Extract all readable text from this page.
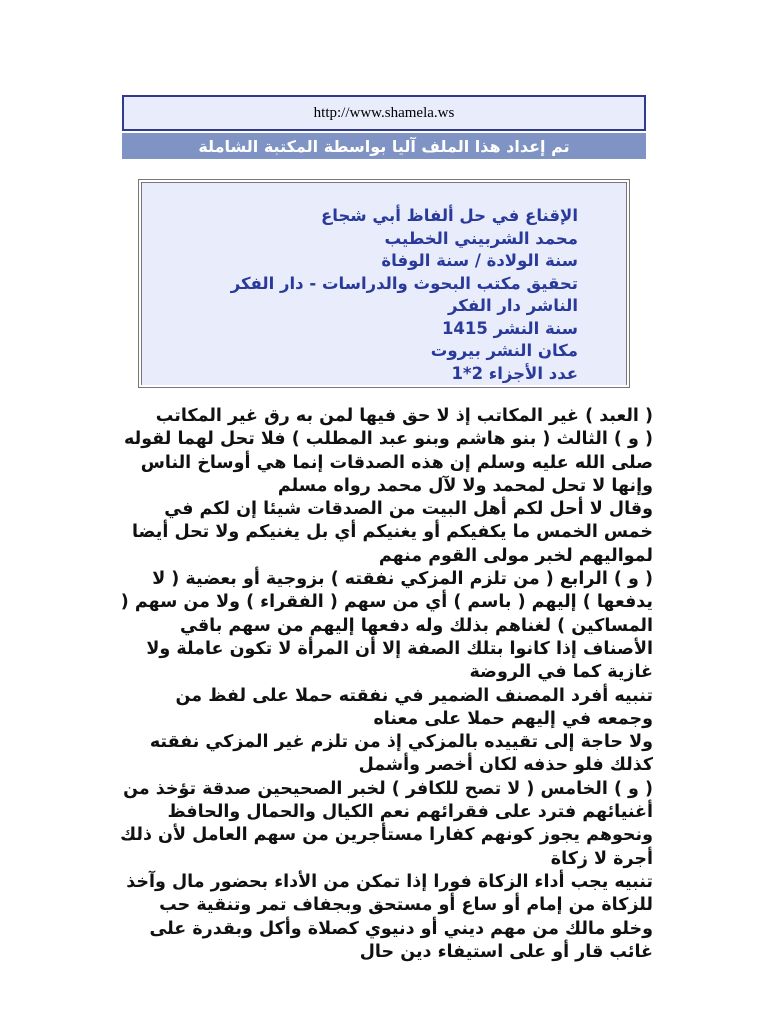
http://www.shamela.ws
تم إعداد هذا الملف آليا بواسطة المكتبة الشاملة
الإقناع في حل ألفاظ أبي شجاع
محمد الشربيني الخطيب
سنة الولادة / سنة الوفاة
تحقيق مكتب البحوث والدراسات - دار الفكر
الناشر دار الفكر
سنة النشر 1415
مكان النشر بيروت
عدد الأجزاء 2*1

( العبد ) غير المكاتب إذ لا حق فيها لمن به رق غير المكاتب

( و ) الثالث ( بنو هاشم وبنو عبد المطلب ) فلا تحل لهما لقوله صلى الله عليه وسلم إن هذه الصدقات إنما هي أوساخ الناس وإنها لا تحل لمحمد ولا لآل محمد رواه مسلم

وقال لا أحل لكم أهل البيت من الصدقات شيئا إن لكم في خمس الخمس ما يكفيكم أو يغنيكم أي بل يغنيكم ولا تحل أيضا لمواليهم لخبر مولى القوم منهم

( و ) الرابع ( من تلزم المزكي نفقته ) بزوجية أو بعضية ( لا يدفعها ) إليهم ( باسم ) أي من سهم ( الفقراء ) ولا من سهم ( المساكين ) لغناهم بذلك وله دفعها إليهم من سهم باقي الأصناف إذا كانوا بتلك الصفة إلا أن المرأة لا تكون عاملة ولا غازية كما في الروضة

تنبيه أفرد المصنف الضمير في نفقته حملا على لفظ من وجمعه في إليهم حملا على معناه

ولا حاجة إلى تقييده بالمزكي إذ من تلزم غير المزكي نفقته كذلك فلو حذفه لكان أخصر وأشمل

( و ) الخامس ( لا تصح للكافر ) لخبر الصحيحين صدقة تؤخذ من أغنيائهم فترد على فقرائهم نعم الكيال والحمال والحافظ ونحوهم يجوز كونهم كفارا مستأجرين من سهم العامل لأن ذلك أجرة لا زكاة

تنبيه يجب أداء الزكاة فورا إذا تمكن من الأداء بحضور مال وآخذ للزكاة من إمام أو ساع أو مستحق وبجفاف تمر وتنقية حب وخلو مالك من مهم ديني أو دنيوي كصلاة وأكل وبقدرة على غائب قار أو على استيفاء دين حال
